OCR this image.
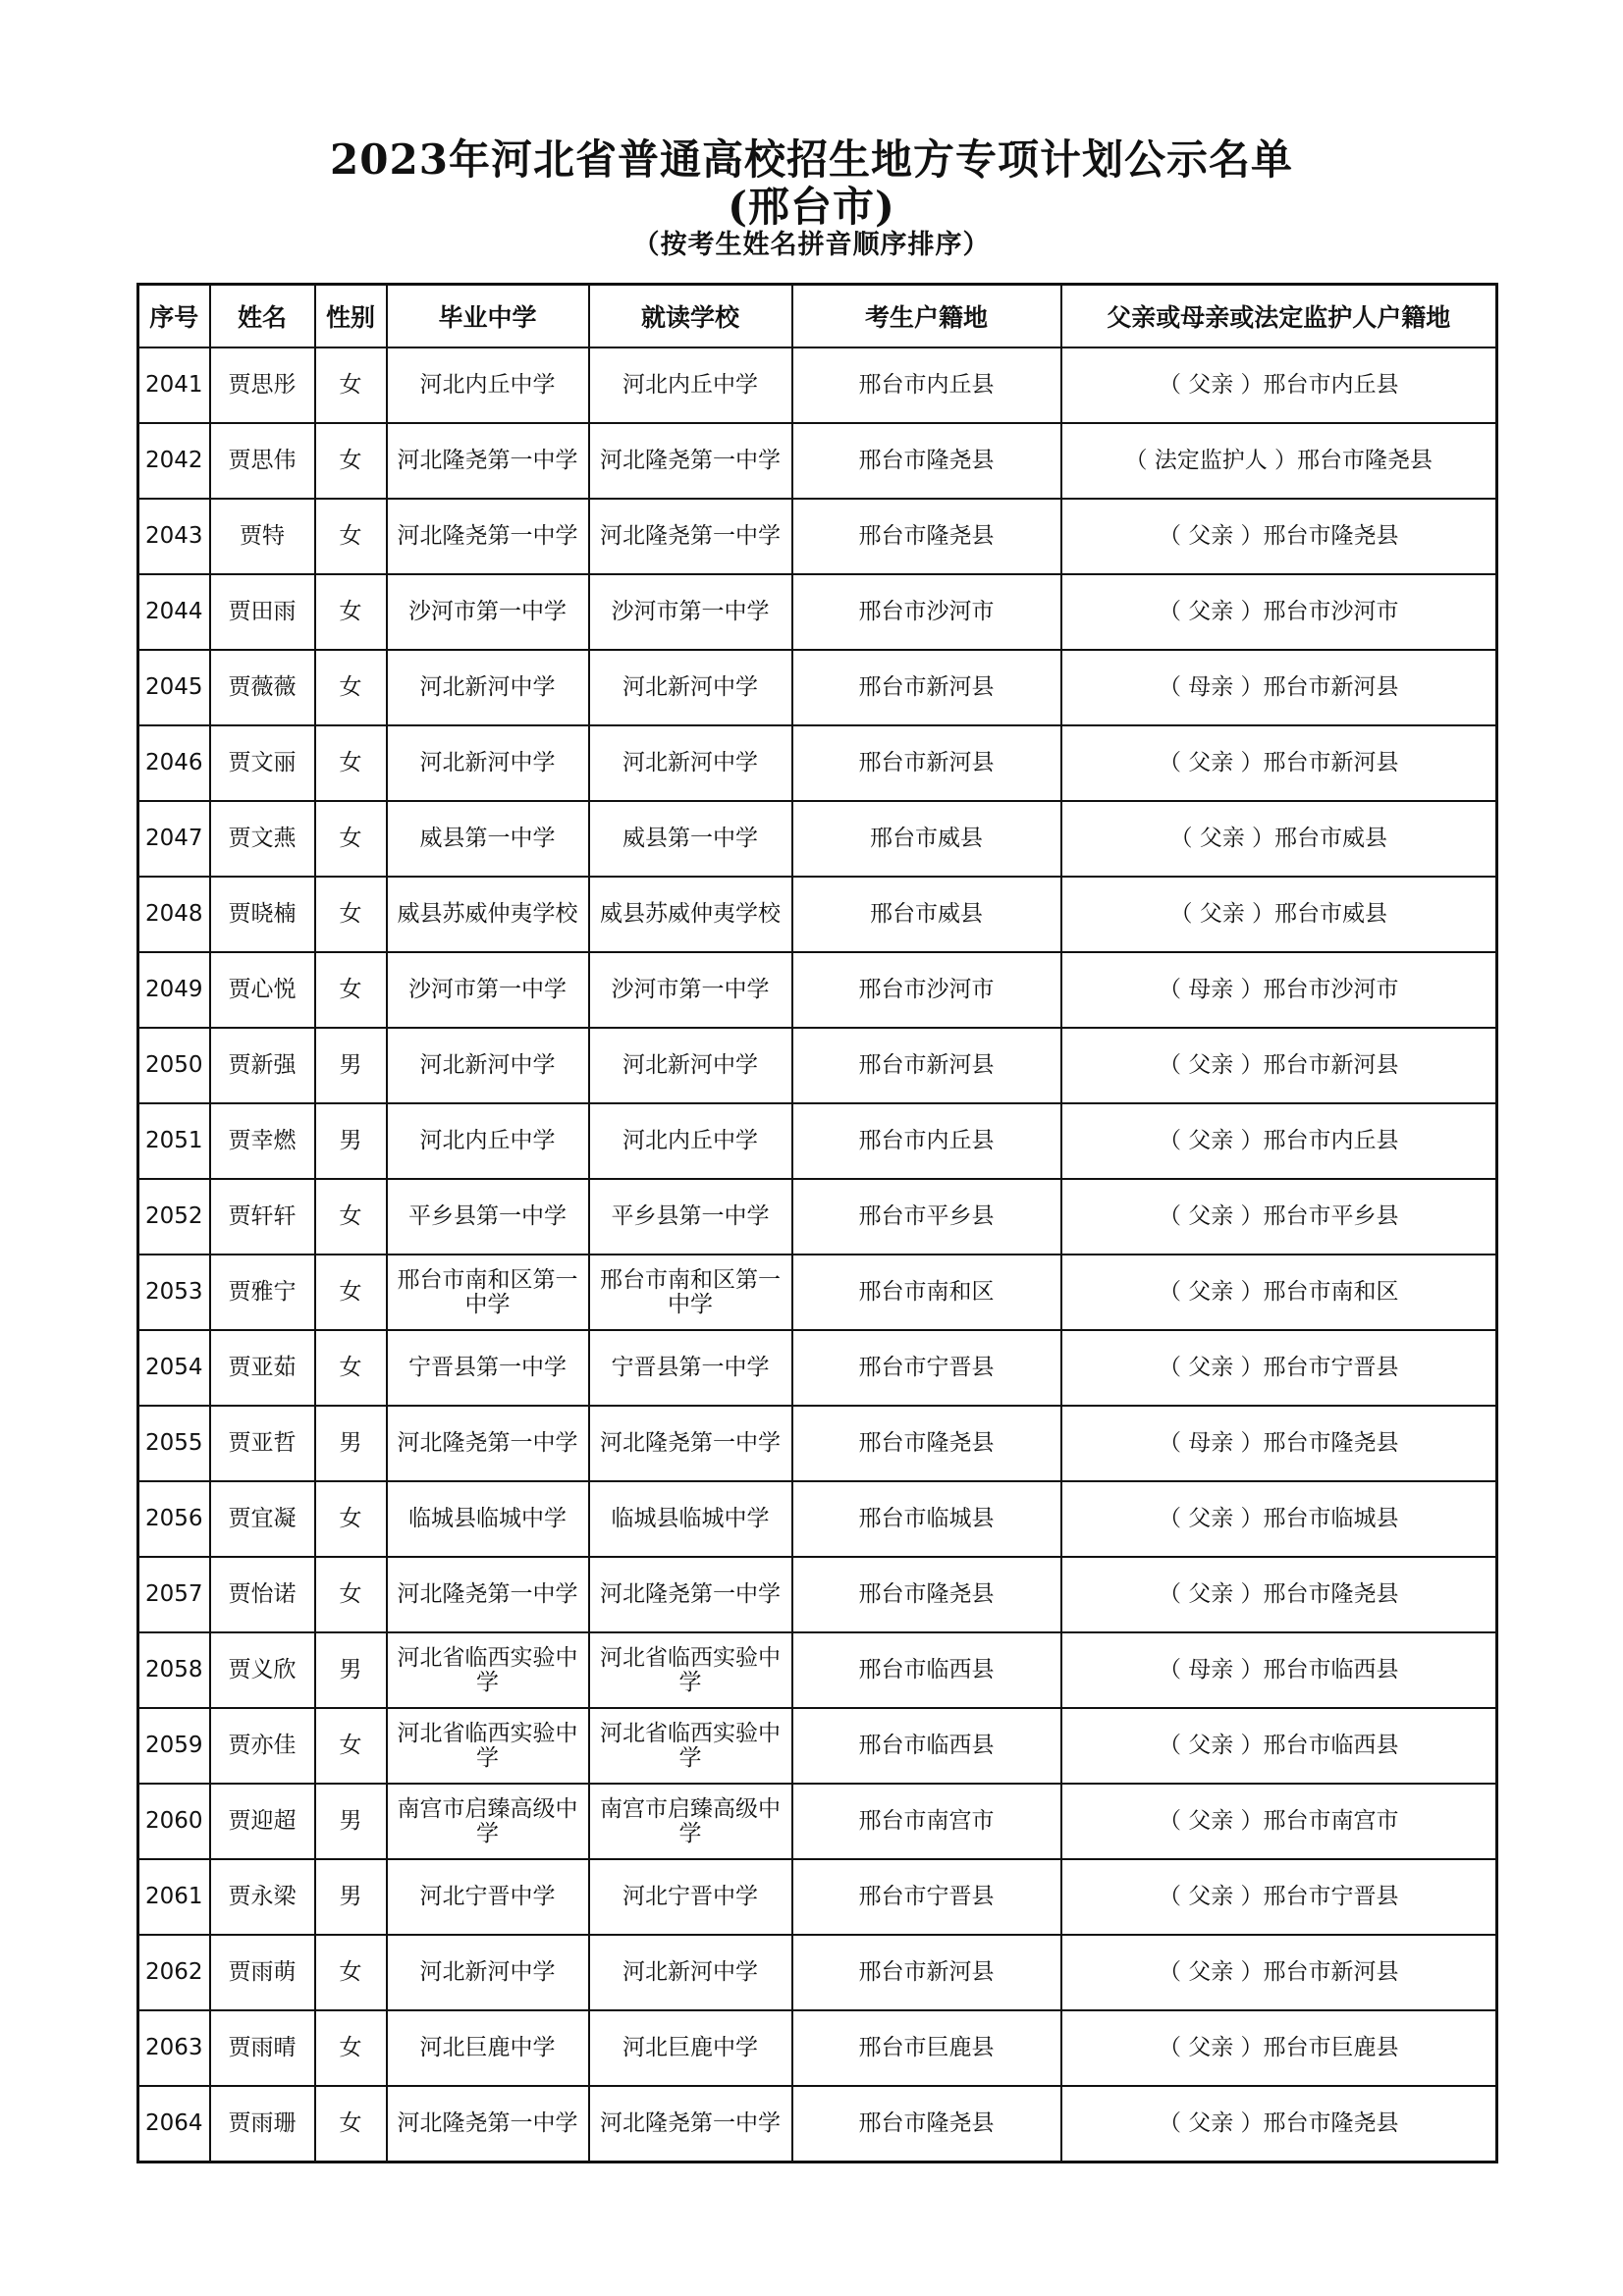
2023年河北省普通高校招生地方专项计划公示名单
(邢台市)
（按考生姓名拼音顺序排序）
序号	姓名	性别	毕业中学	就读学校	考生户籍地	父亲或母亲或法定监护人户籍地
2041	贾思彤	女	河北内丘中学	河北内丘中学	邢台市内丘县	（ 父亲 ）邢台市内丘县
2042	贾思伟	女	河北隆尧第一中学	河北隆尧第一中学	邢台市隆尧县	（ 法定监护人 ）邢台市隆尧县
2043	贾特	女	河北隆尧第一中学	河北隆尧第一中学	邢台市隆尧县	（ 父亲 ）邢台市隆尧县
2044	贾田雨	女	沙河市第一中学	沙河市第一中学	邢台市沙河市	（ 父亲 ）邢台市沙河市
2045	贾薇薇	女	河北新河中学	河北新河中学	邢台市新河县	（ 母亲 ）邢台市新河县
2046	贾文丽	女	河北新河中学	河北新河中学	邢台市新河县	（ 父亲 ）邢台市新河县
2047	贾文燕	女	威县第一中学	威县第一中学	邢台市威县	（ 父亲 ）邢台市威县
2048	贾晓楠	女	威县苏威仲夷学校	威县苏威仲夷学校	邢台市威县	（ 父亲 ）邢台市威县
2049	贾心悦	女	沙河市第一中学	沙河市第一中学	邢台市沙河市	（ 母亲 ）邢台市沙河市
2050	贾新强	男	河北新河中学	河北新河中学	邢台市新河县	（ 父亲 ）邢台市新河县
2051	贾幸燃	男	河北内丘中学	河北内丘中学	邢台市内丘县	（ 父亲 ）邢台市内丘县
2052	贾轩轩	女	平乡县第一中学	平乡县第一中学	邢台市平乡县	（ 父亲 ）邢台市平乡县
2053	贾雅宁	女	邢台市南和区第一中学	邢台市南和区第一中学	邢台市南和区	（ 父亲 ）邢台市南和区
2054	贾亚茹	女	宁晋县第一中学	宁晋县第一中学	邢台市宁晋县	（ 父亲 ）邢台市宁晋县
2055	贾亚哲	男	河北隆尧第一中学	河北隆尧第一中学	邢台市隆尧县	（ 母亲 ）邢台市隆尧县
2056	贾宜凝	女	临城县临城中学	临城县临城中学	邢台市临城县	（ 父亲 ）邢台市临城县
2057	贾怡诺	女	河北隆尧第一中学	河北隆尧第一中学	邢台市隆尧县	（ 父亲 ）邢台市隆尧县
2058	贾义欣	男	河北省临西实验中学	河北省临西实验中学	邢台市临西县	（ 母亲 ）邢台市临西县
2059	贾亦佳	女	河北省临西实验中学	河北省临西实验中学	邢台市临西县	（ 父亲 ）邢台市临西县
2060	贾迎超	男	南宫市启臻高级中学	南宫市启臻高级中学	邢台市南宫市	（ 父亲 ）邢台市南宫市
2061	贾永梁	男	河北宁晋中学	河北宁晋中学	邢台市宁晋县	（ 父亲 ）邢台市宁晋县
2062	贾雨萌	女	河北新河中学	河北新河中学	邢台市新河县	（ 父亲 ）邢台市新河县
2063	贾雨晴	女	河北巨鹿中学	河北巨鹿中学	邢台市巨鹿县	（ 父亲 ）邢台市巨鹿县
2064	贾雨珊	女	河北隆尧第一中学	河北隆尧第一中学	邢台市隆尧县	（ 父亲 ）邢台市隆尧县
